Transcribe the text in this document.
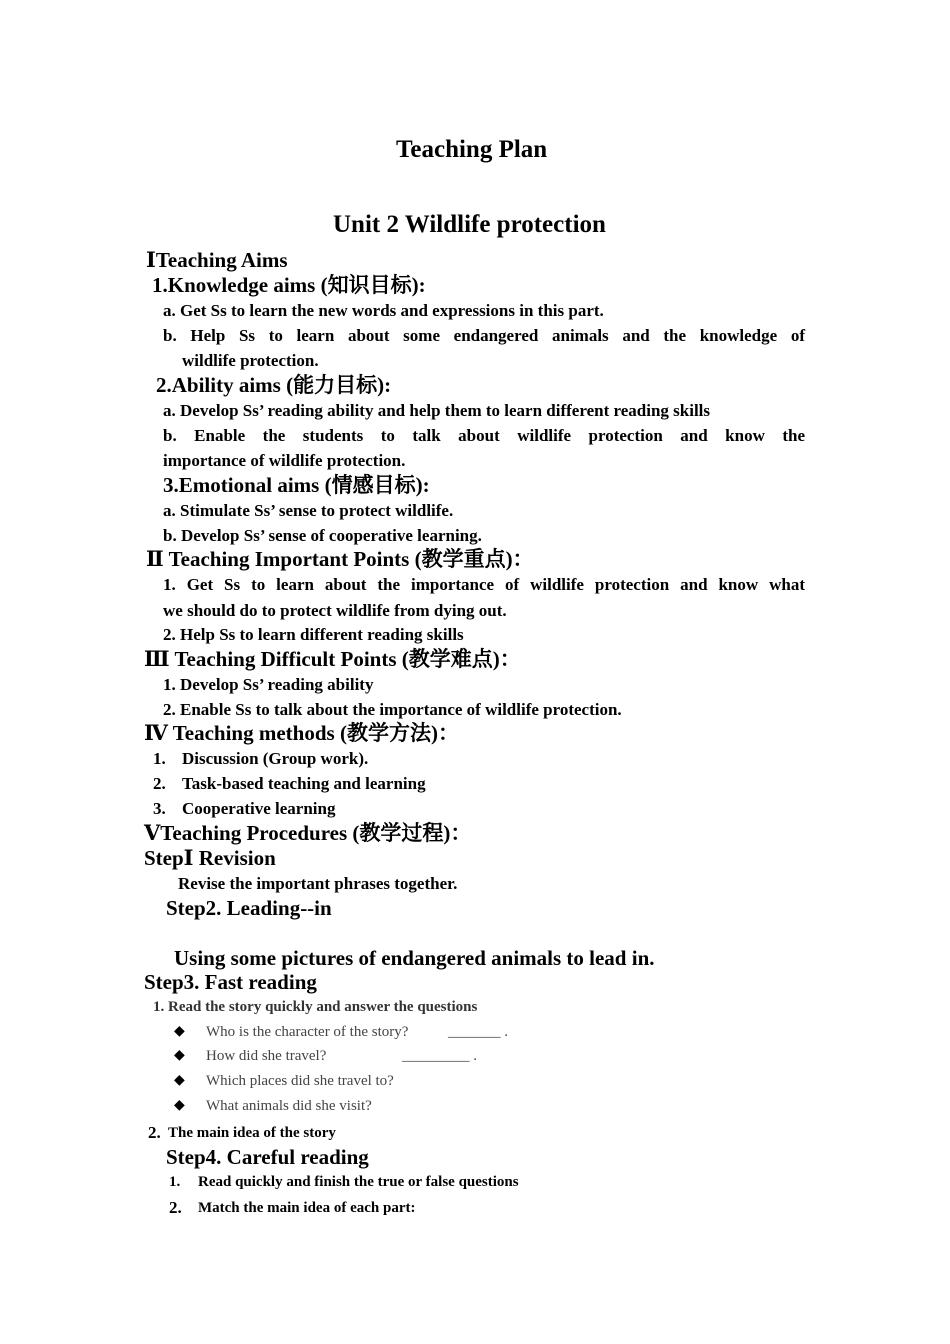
Teaching Plan
Unit 2 Wildlife protection
ⅠTeaching Aims
1.Knowledge aims (知识目标):
a. Get Ss to learn the new words and expressions in this part.
b. Help Ss to learn about some endangered animals and the knowledge of
wildlife protection.
2.Ability aims (能力目标):
a. Develop Ss’ reading ability and help them to learn different reading skills
b. Enable the students to talk about wildlife protection and know the
importance of wildlife protection.
3.Emotional aims (情感目标):
a. Stimulate Ss’ sense to protect wildlife.
b. Develop Ss’ sense of cooperative learning.
Ⅱ Teaching Important Points (教学重点)：
1. Get Ss to learn about the importance of wildlife protection and know what
we should do to protect wildlife from dying out.
2. Help Ss to learn different reading skills
Ⅲ Teaching Difficult Points (教学难点)：
1. Develop Ss’ reading ability
2. Enable Ss to talk about the importance of wildlife protection.
Ⅳ Teaching methods (教学方法)：
1. Discussion (Group work).
2. Task-based teaching and learning
3. Cooperative learning
ⅤTeaching Procedures (教学过程)：
StepⅠ Revision
Revise the important phrases together.
Step2. Leading--in
Using some pictures of endangered animals to lead in.
Step3. Fast reading
1. Read the story quickly and answer the questions
◆ Who is the character of the story?	_______ .
◆ How did she travel?	_________ .
◆ Which places did she travel to?
◆ What animals did she visit?
2. The main idea of the story
Step4. Careful reading
1. Read quickly and finish the true or false questions
2. Match the main idea of each part:
